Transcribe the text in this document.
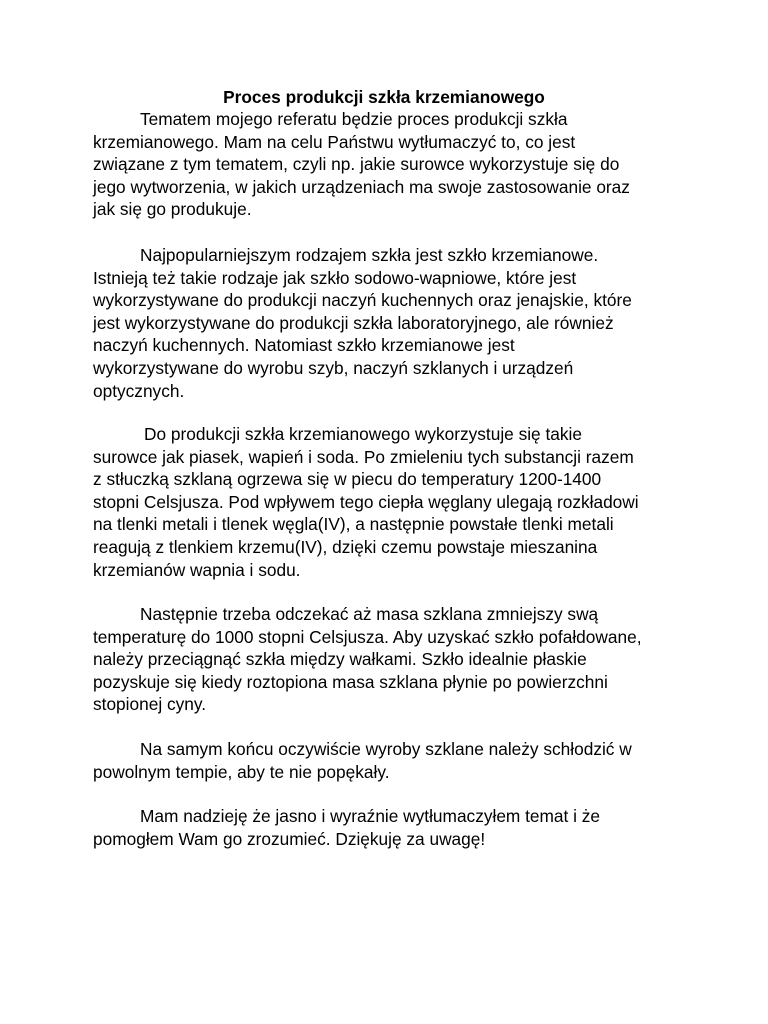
Proces produkcji szkła krzemianowego
Tematem mojego referatu będzie proces produkcji szkła
krzemianowego. Mam na celu Państwu wytłumaczyć to, co jest
związane z tym tematem, czyli np. jakie surowce wykorzystuje się do
jego wytworzenia, w jakich urządzeniach ma swoje zastosowanie oraz
jak się go produkuje.
Najpopularniejszym rodzajem szkła jest szkło krzemianowe.
Istnieją też takie rodzaje jak szkło sodowo-wapniowe, które jest
wykorzystywane do produkcji naczyń kuchennych oraz jenajskie, które
jest wykorzystywane do produkcji szkła laboratoryjnego, ale również
naczyń kuchennych. Natomiast szkło krzemianowe jest
wykorzystywane do wyrobu szyb, naczyń szklanych i urządzeń
optycznych.
Do produkcji szkła krzemianowego wykorzystuje się takie
surowce jak piasek, wapień i soda. Po zmieleniu tych substancji razem
z stłuczką szklaną ogrzewa się w piecu do temperatury 1200-1400
stopni Celsjusza. Pod wpływem tego ciepła węglany ulegają rozkładowi
na tlenki metali i tlenek węgla(IV), a następnie powstałe tlenki metali
reagują z tlenkiem krzemu(IV), dzięki czemu powstaje mieszanina
krzemianów wapnia i sodu.
Następnie trzeba odczekać aż masa szklana zmniejszy swą
temperaturę do 1000 stopni Celsjusza. Aby uzyskać szkło pofałdowane,
należy przeciągnąć szkła między wałkami. Szkło idealnie płaskie
pozyskuje się kiedy roztopiona masa szklana płynie po powierzchni
stopionej cyny.
Na samym końcu oczywiście wyroby szklane należy schłodzić w
powolnym tempie, aby te nie popękały.
Mam nadzieję że jasno i wyraźnie wytłumaczyłem temat i że
pomogłem Wam go zrozumieć. Dziękuję za uwagę!
